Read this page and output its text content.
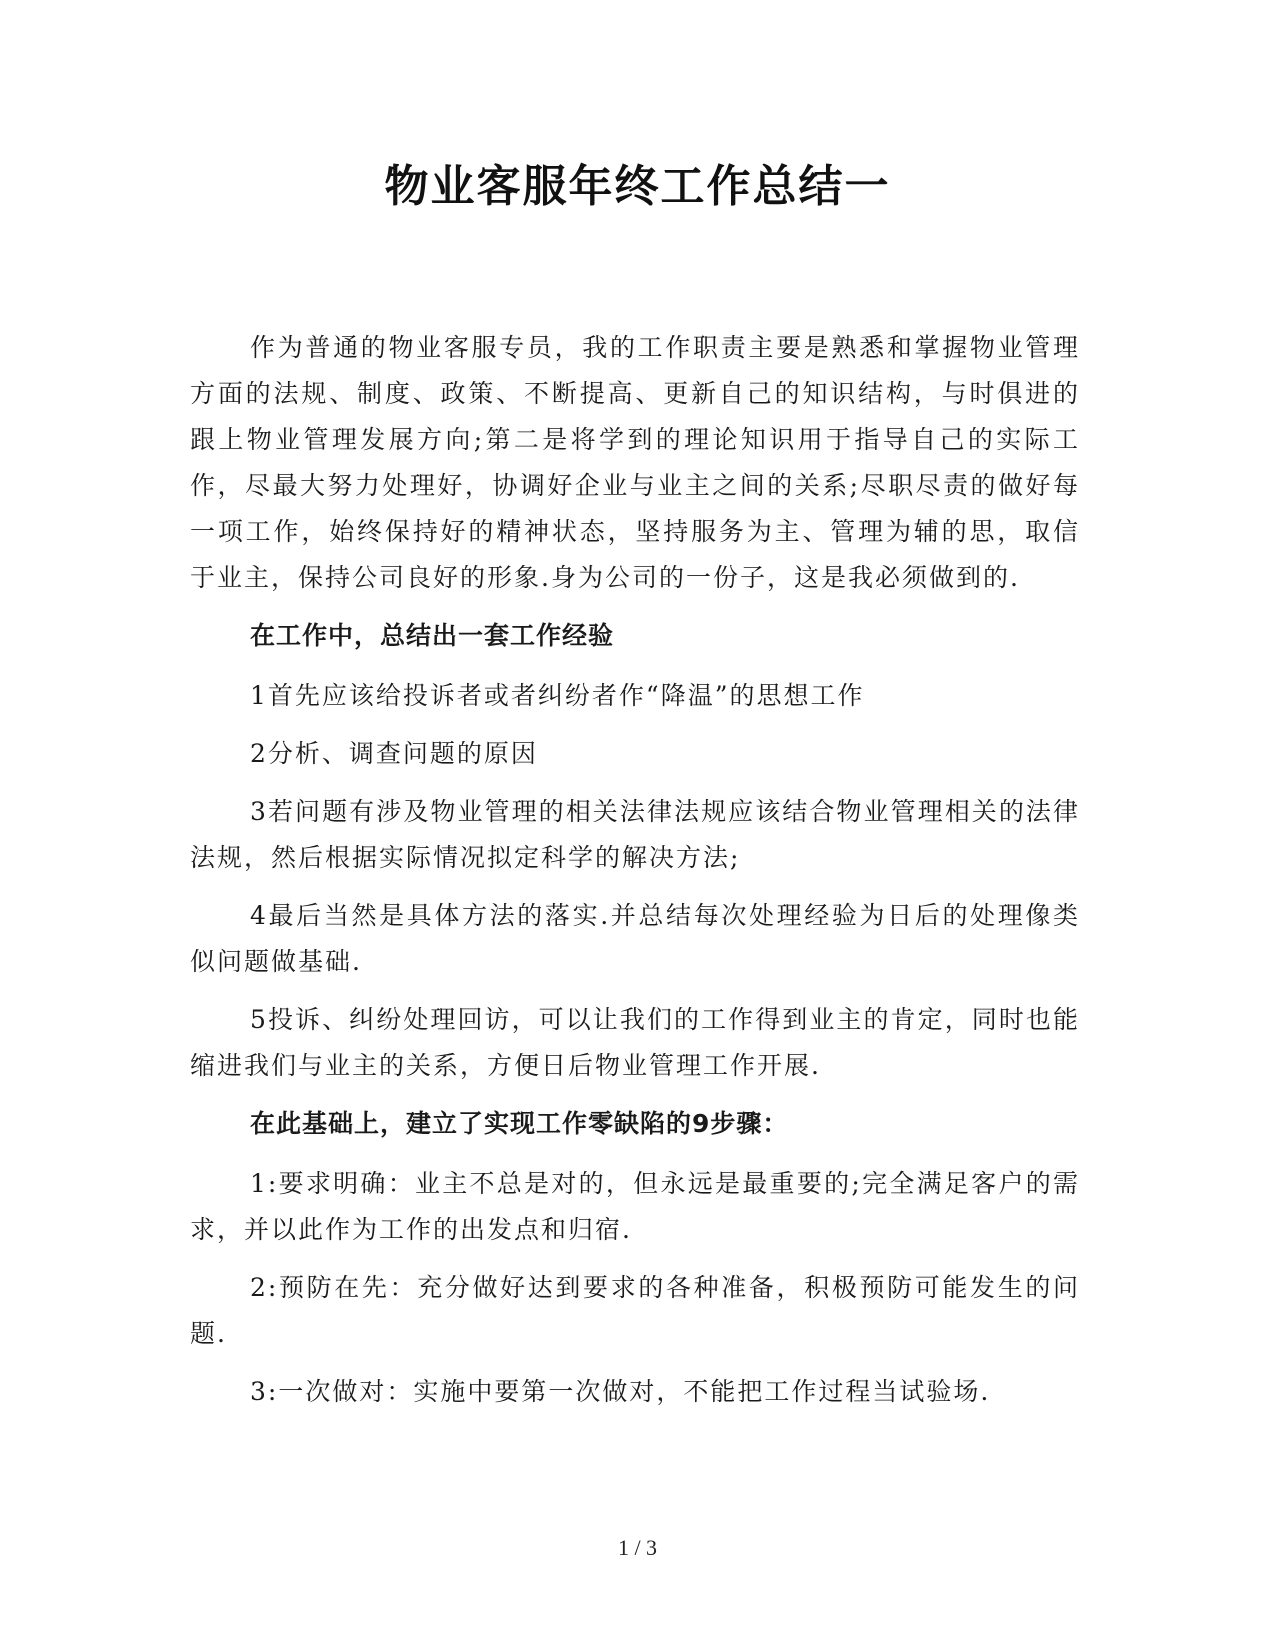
物业客服年终工作总结一

作为普通的物业客服专员，我的工作职责主要是熟悉和掌握物业管理方面的法规、制度、政策、不断提高、更新自己的知识结构，与时俱进的跟上物业管理发展方向;第二是将学到的理论知识用于指导自己的实际工作，尽最大努力处理好，协调好企业与业主之间的关系;尽职尽责的做好每一项工作，始终保持好的精神状态，坚持服务为主、管理为辅的思，取信于业主，保持公司良好的形象.身为公司的一份子，这是我必须做到的.

在工作中，总结出一套工作经验

1首先应该给投诉者或者纠纷者作“降温”的思想工作

2分析、调查问题的原因

3若问题有涉及物业管理的相关法律法规应该结合物业管理相关的法律法规，然后根据实际情况拟定科学的解决方法;

4最后当然是具体方法的落实.并总结每次处理经验为日后的处理像类似问题做基础.

5投诉、纠纷处理回访，可以让我们的工作得到业主的肯定，同时也能缩进我们与业主的关系，方便日后物业管理工作开展.

在此基础上，建立了实现工作零缺陷的9步骤：

1:要求明确：业主不总是对的，但永远是最重要的;完全满足客户的需求，并以此作为工作的出发点和归宿.

2:预防在先：充分做好达到要求的各种准备，积极预防可能发生的问题.

3:一次做对：实施中要第一次做对，不能把工作过程当试验场.

1 / 3
